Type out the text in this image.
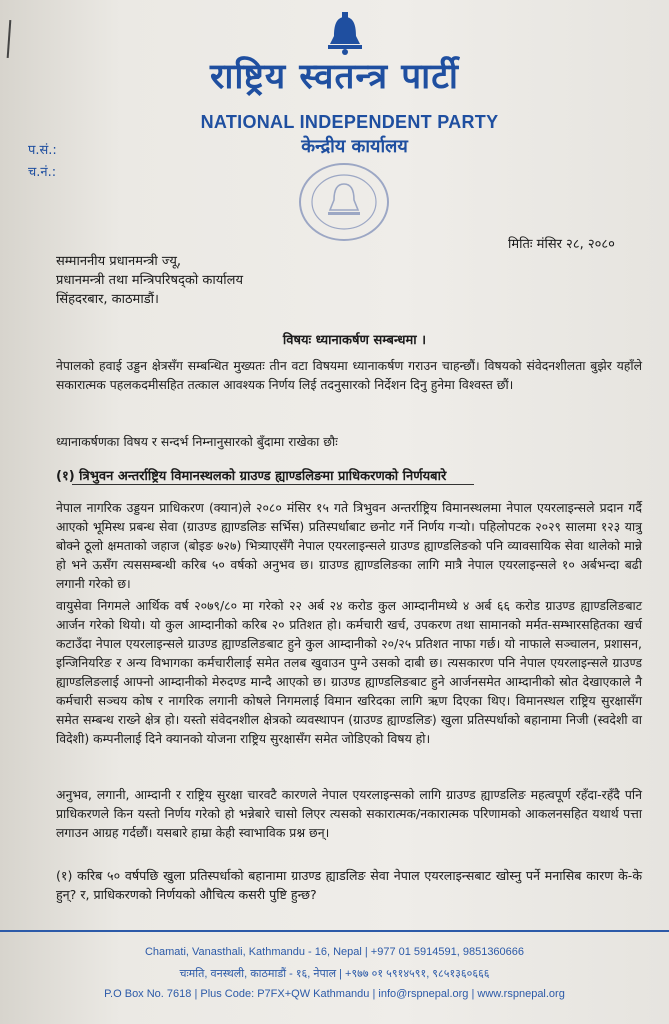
राष्ट्रिय स्वतन्त्र पार्टी
NATIONAL INDEPENDENT PARTY
केन्द्रीय कार्यालय
प.सं.:
च.नं.:
मितिः मंसिर २८, २०८०
सम्माननीय प्रधानमन्त्री ज्यू,
प्रधानमन्त्री तथा मन्त्रिपरिषद्को कार्यालय
सिंहदरबार, काठमाडौं।
विषयः ध्यानाकर्षण सम्बन्धमा ।

नेपालको हवाई उड्डन क्षेत्रसँग सम्बन्धित मुख्यतः तीन वटा विषयमा ध्यानाकर्षण गराउन चाहन्छौं। विषयको संवेदनशीलता बुझेर यहाँले सकारात्मक पहलकदमीसहित तत्काल आवश्यक निर्णय लिई तदनुसारको निर्देशन दिनु हुनेमा विश्वस्त छौं।

ध्यानाकर्षणका विषय र सन्दर्भ निम्नानुसारको बुँदामा राखेका छौः

(१) त्रिभुवन अन्तर्राष्ट्रिय विमानस्थलको ग्राउण्ड ह्याण्डलिङमा प्राधिकरणको निर्णयबारे

नेपाल नागरिक उड्डयन प्राधिकरण (क्यान)ले २०८० मंसिर १५ गते त्रिभुवन अन्तर्राष्ट्रिय विमानस्थलमा नेपाल एयरलाइन्सले प्रदान गर्दै आएको भूमिस्थ प्रबन्ध सेवा (ग्राउण्ड ह्याण्डलिङ सर्भिस) प्रतिस्पर्धाबाट छनोट गर्ने निर्णय गर्‍यो। पहिलोपटक २०२९ सालमा १२३ यात्रु बोक्ने ठूलो क्षमताको जहाज (बोइङ ७२७) भित्र्याएसँगै नेपाल एयरलाइन्सले ग्राउण्ड ह्याण्डलिङको पनि व्यावसायिक सेवा थालेको मान्ने हो भने ऊसँग त्यससम्बन्धी करिब ५० वर्षको अनुभव छ। ग्राउण्ड ह्याण्डलिङका लागि मात्रै नेपाल एयरलाइन्सले १० अर्बभन्दा बढी लगानी गरेको छ।

वायुसेवा निगमले आर्थिक वर्ष २०७९/८० मा गरेको २२ अर्ब २४ करोड कुल आम्दानीमध्ये ४ अर्ब ६६ करोड ग्राउण्ड ह्याण्डलिङबाट आर्जन गरेको थियो। यो कुल आम्दानीको करिब २० प्रतिशत हो। कर्मचारी खर्च, उपकरण तथा सामानको मर्मत-सम्भारसहितका खर्च कटाउँदा नेपाल एयरलाइन्सले ग्राउण्ड ह्याण्डलिङबाट हुने कुल आम्दानीको २०/२५ प्रतिशत नाफा गर्छ। यो नाफाले सञ्चालन, प्रशासन, इन्जिनियरिङ र अन्य विभागका कर्मचारीलाई समेत तलब खुवाउन पुग्ने उसको दाबी छ। त्यसकारण पनि नेपाल एयरलाइन्सले ग्राउण्ड ह्याण्डलिङलाई आफ्नो आम्दानीको मेरुदण्ड मान्दै आएको छ। ग्राउण्ड ह्याण्डलिङबाट हुने आर्जनसमेत आम्दानीको स्रोत देखाएकाले नै कर्मचारी सञ्चय कोष र नागरिक लगानी कोषले निगमलाई विमान खरिदका लागि ऋण दिएका थिए। विमानस्थल राष्ट्रिय सुरक्षासँग समेत सम्बन्ध राख्ने क्षेत्र हो। यस्तो संवेदनशील क्षेत्रको व्यवस्थापन (ग्राउण्ड ह्याण्डलिङ) खुला प्रतिस्पर्धाको बहानामा निजी (स्वदेशी वा विदेशी) कम्पनीलाई दिने क्यानको योजना राष्ट्रिय सुरक्षासँग समेत जोडिएको विषय हो।

अनुभव, लगानी, आम्दानी र राष्ट्रिय सुरक्षा चारवटै कारणले नेपाल एयरलाइन्सको लागि ग्राउण्ड ह्याण्डलिङ महत्वपूर्ण रहँदा-रहँदै पनि प्राधिकरणले किन यस्तो निर्णय गरेको हो भन्नेबारे चासो लिएर त्यसको सकारात्मक/नकारात्मक परिणामको आकलनसहित यथार्थ पत्ता लगाउन आग्रह गर्दछौं। यसबारे हाम्रा केही स्वाभाविक प्रश्न छन्।

(१) करिब ५० वर्षपछि खुला प्रतिस्पर्धाको बहानामा ग्राउण्ड ह्याडलिङ सेवा नेपाल एयरलाइन्सबाट खोस्नु पर्ने मनासिब कारण के-के हुन्? र, प्राधिकरणको निर्णयको औचित्य कसरी पुष्टि हुन्छ?

Chamati, Vanasthali, Kathmandu - 16, Nepal | +977 01 5914591, 9851360666
चःमति, वनस्थली, काठमाडौं - १६, नेपाल | +९७७ ०१ ५९१४५९१, ९८५१३६०६६६
P.O Box No. 7618 | Plus Code: P7FX+QW Kathmandu | info@rspnepal.org | www.rspnepal.org
